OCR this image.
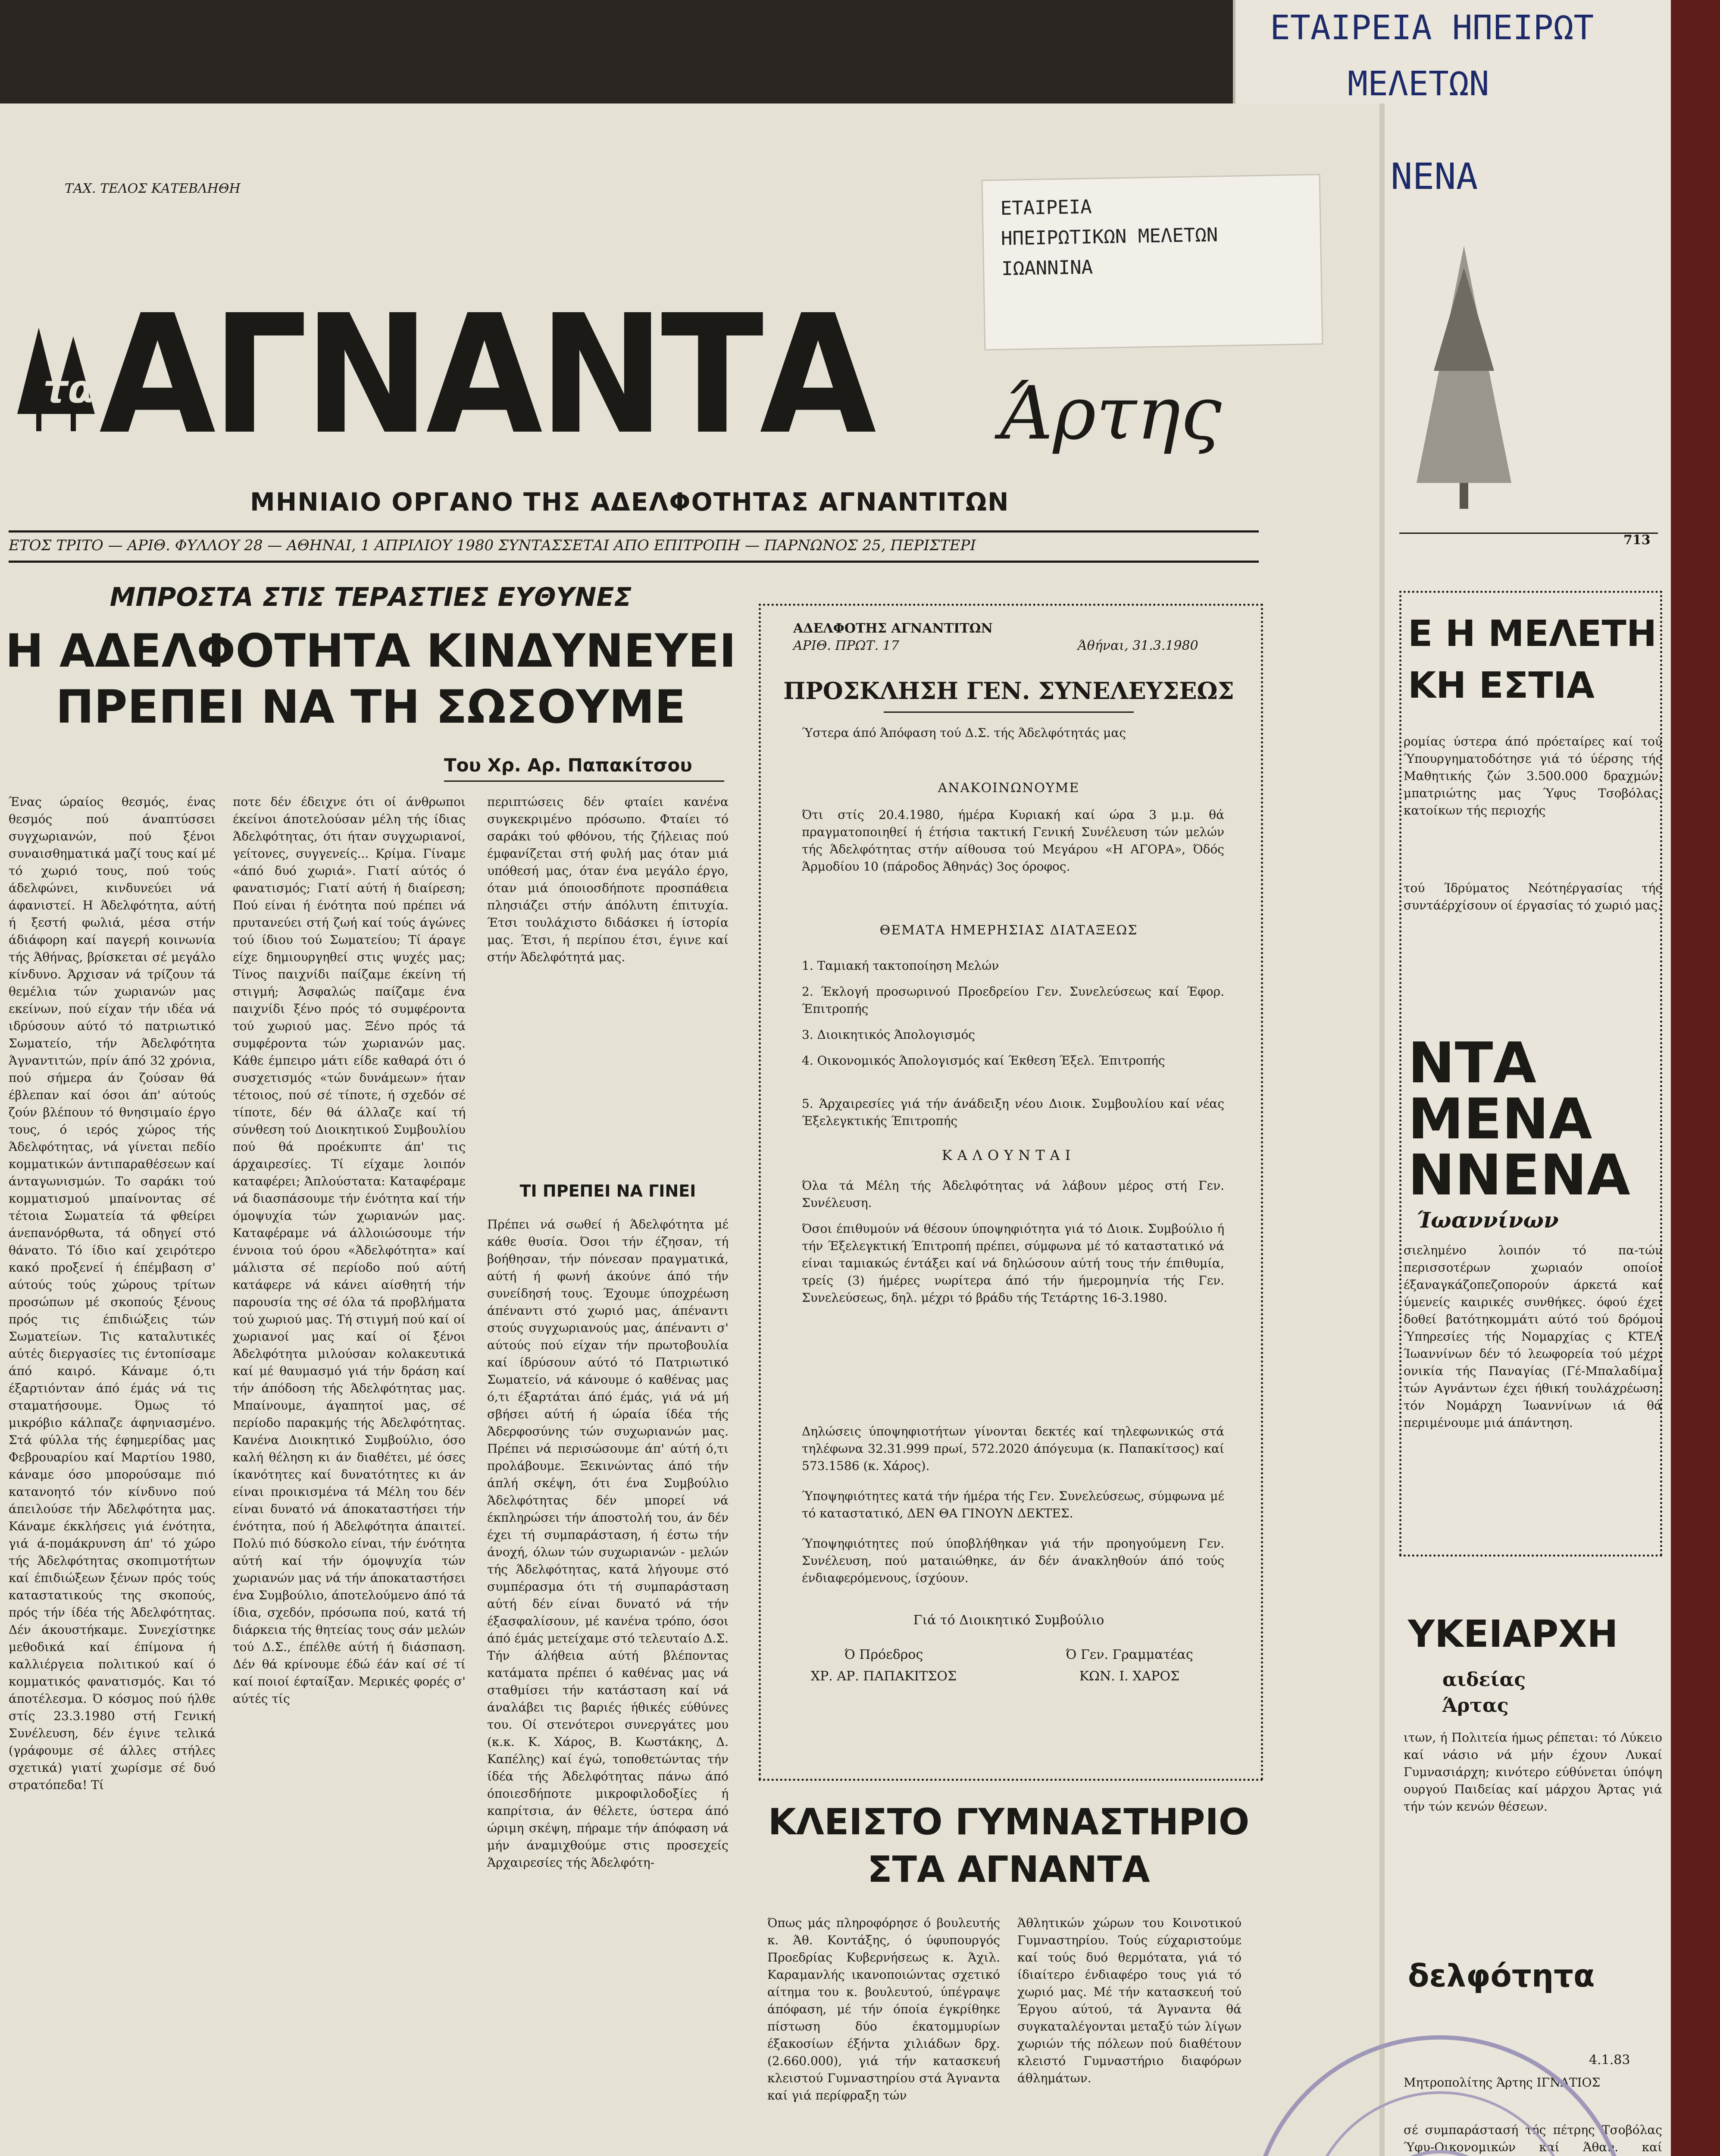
ΕΤΑΙΡΕΙΑ ΗΠΕΙΡΩΤ
ΜΕΛΕΤΩΝ
ΝΕΝΑ
713
Ε Η ΜΕΛΕΤΗ
ΚΗ ΕΣΤΙΑ
ρομίας ύστερα άπό πρόεταίρες καί τού Ύπουργηματοδότησε γιά τό ύέρσης τής Μαθητικής ζών 3.500.000 δραχμών. μπατριώτης μας Ύφυς Τσοβόλας. κατοίκων τής περιοχής
τού Ίδρύματος Νεότηέργασίας τής συντάέρχίσουν οί έργασίας τό χωριό μας.
ΝΤΑ
ΜΕΝΑ
ΝΝΕΝΑ
Ίωαννίνων
σιελημένο λοιπόν τό πα-τών περισσοτέρων χωριαόν οποίοι έξαναγκάζοπεζοπορούν άρκετά καί ύμενείς καιρικές συνθήκες. όφού έχει δοθεί βατότηκομμάτι αύτό τού δρόμου Ύπηρεσίες τής Νομαρχίας ς ΚΤΕΛ Ίωαννίνων δέν τό λεωφορεία τού μέχρι ονικία τής Παναγίας (Γέ-Μπαλαδίμα) τών Αγνάντων έχει ήθική τουλάχρέωση. τόν Νομάρχη Ίωαννίνων ιά θά περιμένουμε μιά άπάντηση.
ΥΚΕΙΑΡΧΗ
αιδείας
Άρτας
ιτων, ή Πολιτεία ήμως ρέπεται: τό Λύκειο καί νάσιο νά μήν έχουν Λυκαί Γυμνασιάρχη; κινότερο εύθύνεται ύπόψη ουργού Παιδείας καί μάρχου Άρτας γιά τήν τών κενών θέσεων.
δελφότητα
4.1.83
Μητροπολίτης Άρτης ΙΓΝΑΤΙΟΣ
σέ συμπαράστασή τής πέτρης Τσοβόλας Ύφυ-Οικονομικών καί Άθαν. καί
ΕΤΑΙΡΕΙΑ
ΗΠΕΙΡΩΤΙΚΩΝ ΜΕΛΕΤΩΝ
ΙΩΑΝΝΙΝΑ
ΤΑΧ. ΤΕΛΟΣ ΚΑΤΕΒΛΗΘΗ
τα ΑΓΝΑΝΤΑ Άρτης
ΜΗΝΙΑΙΟ ΟΡΓΑΝΟ ΤΗΣ ΑΔΕΛΦΟΤΗΤΑΣ ΑΓΝΑΝΤΙΤΩΝ
ΕΤΟΣ ΤΡΙΤΟ — ΑΡΙΘ. ΦΥΛΛΟΥ 28 — ΑΘΗΝΑΙ, 1 ΑΠΡΙΛΙΟΥ 1980 ΣΥΝΤΑΣΣΕΤΑΙ ΑΠΟ ΕΠΙΤΡΟΠΗ — ΠΑΡΝΩΝΟΣ 25, ΠΕΡΙΣΤΕΡΙ
ΜΠΡΟΣΤΑ ΣΤΙΣ ΤΕΡΑΣΤΙΕΣ ΕΥΘΥΝΕΣ
Η ΑΔΕΛΦΟΤΗΤΑ ΚΙΝΔΥΝΕΥΕΙ
ΠΡΕΠΕΙ ΝΑ ΤΗ ΣΩΣΟΥΜΕ
Του Χρ. Αρ. Παπακίτσου
Ένας ώραίος θεσμός, ένας θεσμός πού άναπτύσσει συγχωριανών, πού ξένοι συναισθηματικά μαζί τους καί μέ τό χωριό τους, πού τούς άδελφώνει, κινδυνεύει νά άφανιστεί. Η Άδελφότητα, αύτή ή ξεστή φωλιά, μέσα στήν άδιάφορη καί παγερή κοινωνία τής Άθήνας, βρίσκεται σέ μεγάλο κίνδυνο. Άρχισαν νά τρίζουν τά θεμέλια τών χωριανών μας εκείνων, πού είχαν τήν ιδέα νά ιδρύσουν αύτό τό πατριωτικό Σωματείο, τήν Άδελφότητα Άγναντιτών, πρίν άπό 32 χρόνια, πού σήμερα άν ζούσαν θά έβλεπαν καί όσοι άπ' αύτούς ζούν βλέπουν τό θνησιμαίο έργο τους, ό ιερός χώρος τής Άδελφότητας, νά γίνεται πεδίο κομματικών άντιπαραθέσεων καί άνταγωνισμών. Το σαράκι τού κομματισμού μπαίνοντας σέ τέτοια Σωματεία τά φθείρει άνεπανόρθωτα, τά οδηγεί στό θάνατο. Τό ίδιο καί χειρότερο κακό προξενεί ή έπέμβαση σ' αύτούς τούς χώρους τρίτων προσώπων μέ σκοπούς ξένους πρός τις έπιδιώξεις τών Σωματείων. Τις καταλυτικές αύτές διεργασίες τις έντοπίσαμε άπό καιρό. Κάναμε ό,τι έξαρτιόνταν άπό έμάς νά τις σταματήσουμε. Όμως τό μικρόβιο κάλπαζε άφηνιασμένο. Στά φύλλα τής έφημερίδας μας Φεβρουαρίου καί Μαρτίου 1980, κάναμε όσο μπορούσαμε πιό κατανοητό τόν κίνδυνο πού άπειλούσε τήν Άδελφότητα μας. Κάναμε έκκλήσεις γιά ένότητα, γιά ά-πομάκρυνση άπ' τό χώρο τής Άδελφότητας σκοπιμοτήτων καί έπιδιώξεων ξένων πρός τούς καταστατικούς της σκοπούς, πρός τήν ίδέα τής Άδελφότητας. Δέν άκουστήκαμε. Συνεχίστηκε μεθοδικά καί έπίμονα ή καλλιέργεια πολιτικού καί ό κομματικός φανατισμός. Και τό άποτέλεσμα. Ό κόσμος πού ήλθε στίς 23.3.1980 στή Γενική Συνέλευση, δέν έγινε τελικά (γράφουμε σέ άλλες στήλες σχετικά) γιατί χωρίσμε σέ δυό στρατόπεδα! Τί
ποτε δέν έδειχνε ότι οί άνθρωποι έκείνοι άποτελούσαν μέλη τής ίδιας Άδελφότητας, ότι ήταν συγχωριανοί, γείτονες, συγγενείς... Κρίμα. Γίναμε «άπό δυό χωριά». Γιατί αύτός ό φανατισμός; Γιατί αύτή ή διαίρεση; Πού είναι ή ένότητα πού πρέπει νά πρυτανεύει στή ζωή καί τούς άγώνες τού ίδιου τού Σωματείου; Τί άραγε είχε δημιουργηθεί στις ψυχές μας; Τίνος παιχνίδι παίζαμε έκείνη τή στιγμή; Άσφαλώς παίζαμε ένα παιχνίδι ξένο πρός τό συμφέροντα τού χωριού μας. Ξένο πρός τά συμφέροντα τών χωριανών μας. Κάθε έμπειρο μάτι είδε καθαρά ότι ό συσχετισμός «τών δυνάμεων» ήταν τέτοιος, πού σέ τίποτε, ή σχεδόν σέ τίποτε, δέν θά άλλαζε καί τή σύνθεση τού Διοικητικού Συμβουλίου πού θά προέκυπτε άπ' τις άρχαιρεσίες. Τί είχαμε λοιπόν καταφέρει; Άπλούστατα: Καταφέραμε νά διασπάσουμε τήν ένότητα καί τήν όμοψυχία τών χωριανών μας. Καταφέραμε νά άλλοιώσουμε τήν έννοια τού όρου «Άδελφότητα» καί μάλιστα σέ περίοδο πού αύτή κατάφερε νά κάνει αίσθητή τήν παρουσία της σέ όλα τά προβλήματα τού χωριού μας. Τή στιγμή πού καί οί χωριανοί μας καί οί ξένοι Άδελφότητα μιλούσαν κολακευτικά καί μέ θαυμασμό γιά τήν δράση καί τήν άπόδοση τής Άδελφότητας μας. Μπαίνουμε, άγαπητοί μας, σέ περίοδο παρακμής τής Άδελφότητας. Κανένα Διοικητικό Συμβούλιο, όσο καλή θέληση κι άν διαθέτει, μέ όσες ίκανότητες καί δυνατότητες κι άν είναι προικισμένα τά Μέλη του δέν είναι δυνατό νά άποκαταστήσει τήν ένότητα, πού ή Άδελφότητα άπαιτεί. Πολύ πιό δύσκολο είναι, τήν ένότητα αύτή καί τήν όμοψυχία τών χωριανών μας νά τήν άποκαταστήσει ένα Συμβούλιο, άποτελούμενο άπό τά ίδια, σχεδόν, πρόσωπα πού, κατά τή διάρκεια τής θητείας τους σάν μελών τού Δ.Σ., έπέλθε αύτή ή διάσπαση. Δέν θά κρίνουμε έδώ έάν καί σέ τί καί ποιοί έφταίξαν. Μερικές φορές σ' αύτές τίς
περιπτώσεις δέν φταίει κανένα συγκεκριμένο πρόσωπο. Φταίει τό σαράκι τού φθόνου, τής ζήλειας πού έμφανίζεται στή φυλή μας όταν μιά υπόθεσή μας, όταν ένα μεγάλο έργο, όταν μιά όποιοσδήποτε προσπάθεια πλησιάζει στήν άπόλυτη έπιτυχία. Έτσι τουλάχιστο διδάσκει ή ίστορία μας. Έτσι, ή περίπου έτσι, έγινε καί στήν Άδελφότητά μας.
ΤΙ ΠΡΕΠΕΙ ΝΑ ΓΙΝΕΙ
Πρέπει νά σωθεί ή Άδελφότητα μέ κάθε θυσία. Όσοι τήν έζησαν, τή βοήθησαν, τήν πόνεσαν πραγματικά, αύτή ή φωνή άκούνε άπό τήν συνείδησή τους. Έχουμε ύποχρέωση άπέναντι στό χωριό μας, άπέναντι στούς συγχωριανούς μας, άπέναντι σ' αύτούς πού είχαν τήν πρωτοβουλία καί ίδρύσουν αύτό τό Πατριωτικό Σωματείο, νά κάνουμε ό καθένας μας ό,τι έξαρτάται άπό έμάς, γιά νά μή σβήσει αύτή ή ώραία ίδέα τής Άδερφοσύνης τών συχωριανών μας. Πρέπει νά περισώσουμε άπ' αύτή ό,τι προλάβουμε. Ξεκινώντας άπό τήν άπλή σκέψη, ότι ένα Συμβούλιο Άδελφότητας δέν μπορεί νά έκπληρώσει τήν άποστολή του, άν δέν έχει τή συμπαράσταση, ή έστω τήν άνοχή, όλων τών συχωριανών - μελών τής Άδελφότητας, κατά λήγουμε στό συμπέρασμα ότι τή συμπαράσταση αύτή δέν είναι δυνατό νά τήν έξασφαλίσουν, μέ κανένα τρόπο, όσοι άπό έμάς μετείχαμε στό τελευταίο Δ.Σ. Τήν άλήθεια αύτή βλέποντας κατάματα πρέπει ό καθένας μας νά σταθμίσει τήν κατάσταση καί νά άναλάβει τις βαριές ήθικές εύθύνες του. Οί στενότεροι συνεργάτες μου (κ.κ. Κ. Χάρος, Β. Κωστάκης, Δ. Καπέλης) καί έγώ, τοποθετώντας τήν ίδέα τής Άδελφότητας πάνω άπό όποιεσδήποτε μικροφιλοδοξίες ή καπρίτσια, άν θέλετε, ύστερα άπό ώριμη σκέψη, πήραμε τήν άπόφαση νά μήν άναμιχθούμε στις προσεχείς Άρχαιρεσίες τής Άδελφότη-
ΑΔΕΛΦΟΤΗΣ ΑΓΝΑΝΤΙΤΩΝ
ΑΡΙΘ. ΠΡΩΤ. 17	Άθήναι, 31.3.1980
ΠΡΟΣΚΛΗΣΗ ΓΕΝ. ΣΥΝΕΛΕΥΣΕΩΣ
Ύστερα άπό Άπόφαση τού Δ.Σ. τής Άδελφότητάς μας
ΑΝΑΚΟΙΝΩΝΟΥΜΕ
Ότι στίς 20.4.1980, ήμέρα Κυριακή καί ώρα 3 μ.μ. θά πραγματοποιηθεί ή έτήσια τακτική Γενική Συνέλευση τών μελών τής Άδελφότητας στήν αίθουσα τού Μεγάρου «Η ΑΓΟΡΑ», Όδός Άρμοδίου 10 (πάροδος Άθηνάς) 3ος όροφος.
ΘΕΜΑΤΑ ΗΜΕΡΗΣΙΑΣ ΔΙΑΤΑΞΕΩΣ
1. Ταμιακή τακτοποίηση Μελών
2. Έκλογή προσωρινού Προεδρείου Γεν. Συνελεύσεως καί Έφορ. Έπιτροπής
3. Διοικητικός Άπολογισμός
4. Οικονομικός Άπολογισμός καί Έκθεση Έξελ. Έπιτροπής
5. Άρχαιρεσίες γιά τήν άνάδειξη νέου Διοικ. Συμβουλίου καί νέας Έξελεγκτικής Έπιτροπής
ΚΑΛΟΥΝΤΑΙ
Όλα τά Μέλη τής Άδελφότητας νά λάβουν μέρος στή Γεν. Συνέλευση.
Όσοι έπιθυμούν νά θέσουν ύποψηφιότητα γιά τό Διοικ. Συμβούλιο ή τήν Έξελεγκτική Έπιτροπή πρέπει, σύμφωνα μέ τό καταστατικό νά είναι ταμιακώς έντάξει καί νά δηλώσουν αύτή τους τήν έπιθυμία, τρείς (3) ήμέρες νωρίτερα άπό τήν ήμερομηνία τής Γεν. Συνελεύσεως, δηλ. μέχρι τό βράδυ τής Τετάρτης 16-3.1980.
Δηλώσεις ύποψηφιοτήτων γίνονται δεκτές καί τηλεφωνικώς στά τηλέφωνα 32.31.999 πρωί, 572.2020 άπόγευμα (κ. Παπακίτσος) καί 573.1586 (κ. Χάρος).
Ύποψηφιότητες κατά τήν ήμέρα τής Γεν. Συνελεύσεως, σύμφωνα μέ τό καταστατικό, ΔΕΝ ΘΑ ΓΙΝΟΥΝ ΔΕΚΤΕΣ.
Ύποψηφιότητες πού ύποβλήθηκαν γιά τήν προηγούμενη Γεν. Συνέλευση, πού ματαιώθηκε, άν δέν άνακληθούν άπό τούς ένδιαφερόμενους, ίσχύουν.
Γιά τό Διοικητικό Συμβούλιο
Ό Πρόεδρος
ΧΡ. ΑΡ. ΠΑΠΑΚΙΤΣΟΣ
Ό Γεν. Γραμματέας
ΚΩΝ. Ι. ΧΑΡΟΣ
ΚΛΕΙΣΤΟ ΓΥΜΝΑΣΤΗΡΙΟ
ΣΤΑ ΑΓΝΑΝΤΑ
Όπως μάς πληροφόρησε ό βουλευτής κ. Άθ. Κοντάξης, ό ύφυπουργός Προεδρίας Κυβερνήσεως κ. Άχιλ. Καραμανλής ικανοποιώντας σχετικό αίτημα του κ. βουλευτού, ύπέγραψε άπόφαση, μέ τήν όποία έγκρίθηκε πίστωση δύο έκατομμυρίων έξακοσίων έξήντα χιλιάδων δρχ. (2.660.000), γιά τήν κατασκευή κλειστού Γυμναστηρίου στά Άγναντα καί γιά περίφραξη τών
Άθλητικών χώρων του Κοινοτικού Γυμναστηρίου. Τούς εύχαριστούμε καί τούς δυό θερμότατα, γιά τό ίδιαίτερο ένδιαφέρο τους γιά τό χωριό μας. Μέ τήν κατασκευή τού Έργου αύτού, τά Άγναντα θά συγκαταλέγονται μεταξύ τών λίγων χωριών τής πόλεων πού διαθέτουν κλειστό Γυμναστήριο διαφόρων άθλημάτων.
